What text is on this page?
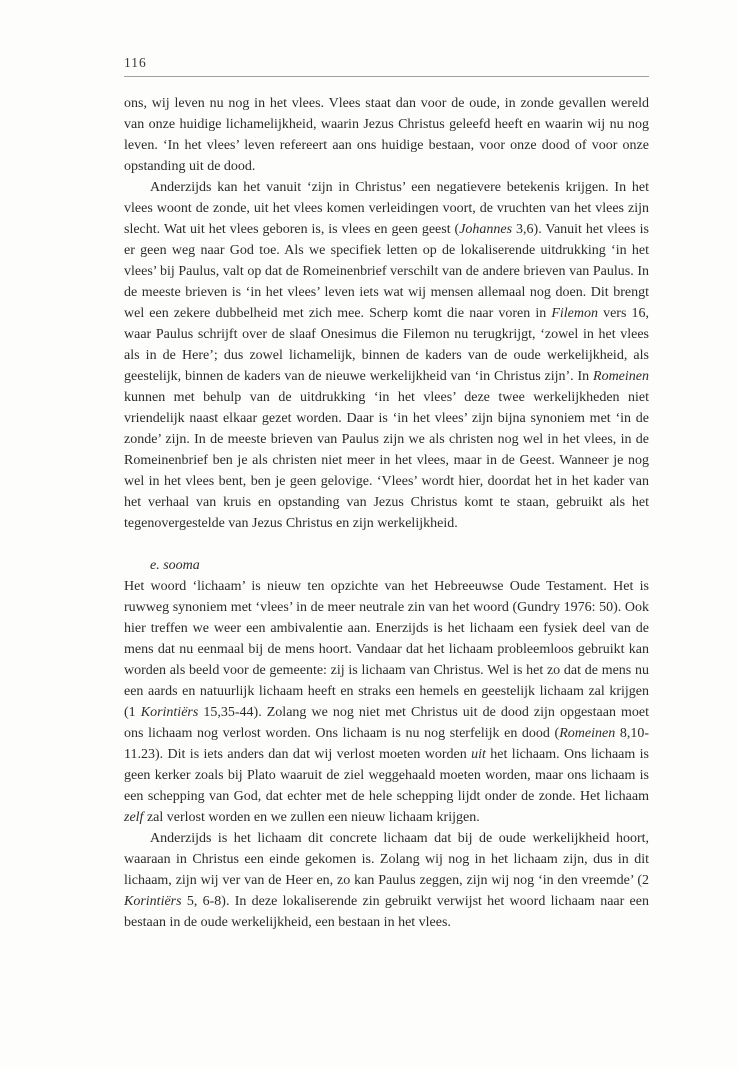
116

ons, wij leven nu nog in het vlees. Vlees staat dan voor de oude, in zonde gevallen wereld van onze huidige lichamelijkheid, waarin Jezus Christus geleefd heeft en waarin wij nu nog leven. ‘In het vlees’ leven refereert aan ons huidige bestaan, voor onze dood of voor onze opstanding uit de dood.

Anderzijds kan het vanuit ‘zijn in Christus’ een negatievere betekenis krijgen. In het vlees woont de zonde, uit het vlees komen verleidingen voort, de vruchten van het vlees zijn slecht. Wat uit het vlees geboren is, is vlees en geen geest (Johannes 3,6). Vanuit het vlees is er geen weg naar God toe. Als we specifiek letten op de lokaliserende uitdrukking ‘in het vlees’ bij Paulus, valt op dat de Romeinenbrief verschilt van de andere brieven van Paulus. In de meeste brieven is ‘in het vlees’ leven iets wat wij mensen allemaal nog doen. Dit brengt wel een zekere dubbelheid met zich mee. Scherp komt die naar voren in Filemon vers 16, waar Paulus schrijft over de slaaf Onesimus die Filemon nu terugkrijgt, ‘zowel in het vlees als in de Here’; dus zowel lichamelijk, binnen de kaders van de oude werkelijkheid, als geestelijk, binnen de kaders van de nieuwe werkelijkheid van ‘in Christus zijn’. In Romeinen kunnen met behulp van de uitdrukking ‘in het vlees’ deze twee werkelijkheden niet vriendelijk naast elkaar gezet worden. Daar is ‘in het vlees’ zijn bijna synoniem met ‘in de zonde’ zijn. In de meeste brieven van Paulus zijn we als christen nog wel in het vlees, in de Romeinenbrief ben je als christen niet meer in het vlees, maar in de Geest. Wanneer je nog wel in het vlees bent, ben je geen gelovige. ‘Vlees’ wordt hier, doordat het in het kader van het verhaal van kruis en opstanding van Jezus Christus komt te staan, gebruikt als het tegenovergestelde van Jezus Christus en zijn werkelijkheid.

e. sooma

Het woord ‘lichaam’ is nieuw ten opzichte van het Hebreeuwse Oude Testament. Het is ruwweg synoniem met ‘vlees’ in de meer neutrale zin van het woord (Gundry 1976: 50). Ook hier treffen we weer een ambivalentie aan. Enerzijds is het lichaam een fysiek deel van de mens dat nu eenmaal bij de mens hoort. Vandaar dat het lichaam probleemloos gebruikt kan worden als beeld voor de gemeente: zij is lichaam van Christus. Wel is het zo dat de mens nu een aards en natuurlijk lichaam heeft en straks een hemels en geestelijk lichaam zal krijgen (1 Korintiërs 15,35-44). Zolang we nog niet met Christus uit de dood zijn opgestaan moet ons lichaam nog verlost worden. Ons lichaam is nu nog sterfelijk en dood (Romeinen 8,10-11.23). Dit is iets anders dan dat wij verlost moeten worden uit het lichaam. Ons lichaam is geen kerker zoals bij Plato waaruit de ziel weggehaald moeten worden, maar ons lichaam is een schepping van God, dat echter met de hele schepping lijdt onder de zonde. Het lichaam zelf zal verlost worden en we zullen een nieuw lichaam krijgen.

Anderzijds is het lichaam dit concrete lichaam dat bij de oude werkelijkheid hoort, waaraan in Christus een einde gekomen is. Zolang wij nog in het lichaam zijn, dus in dit lichaam, zijn wij ver van de Heer en, zo kan Paulus zeggen, zijn wij nog ‘in den vreemde’ (2 Korintiërs 5, 6-8). In deze lokaliserende zin gebruikt verwijst het woord lichaam naar een bestaan in de oude werkelijkheid, een bestaan in het vlees.
